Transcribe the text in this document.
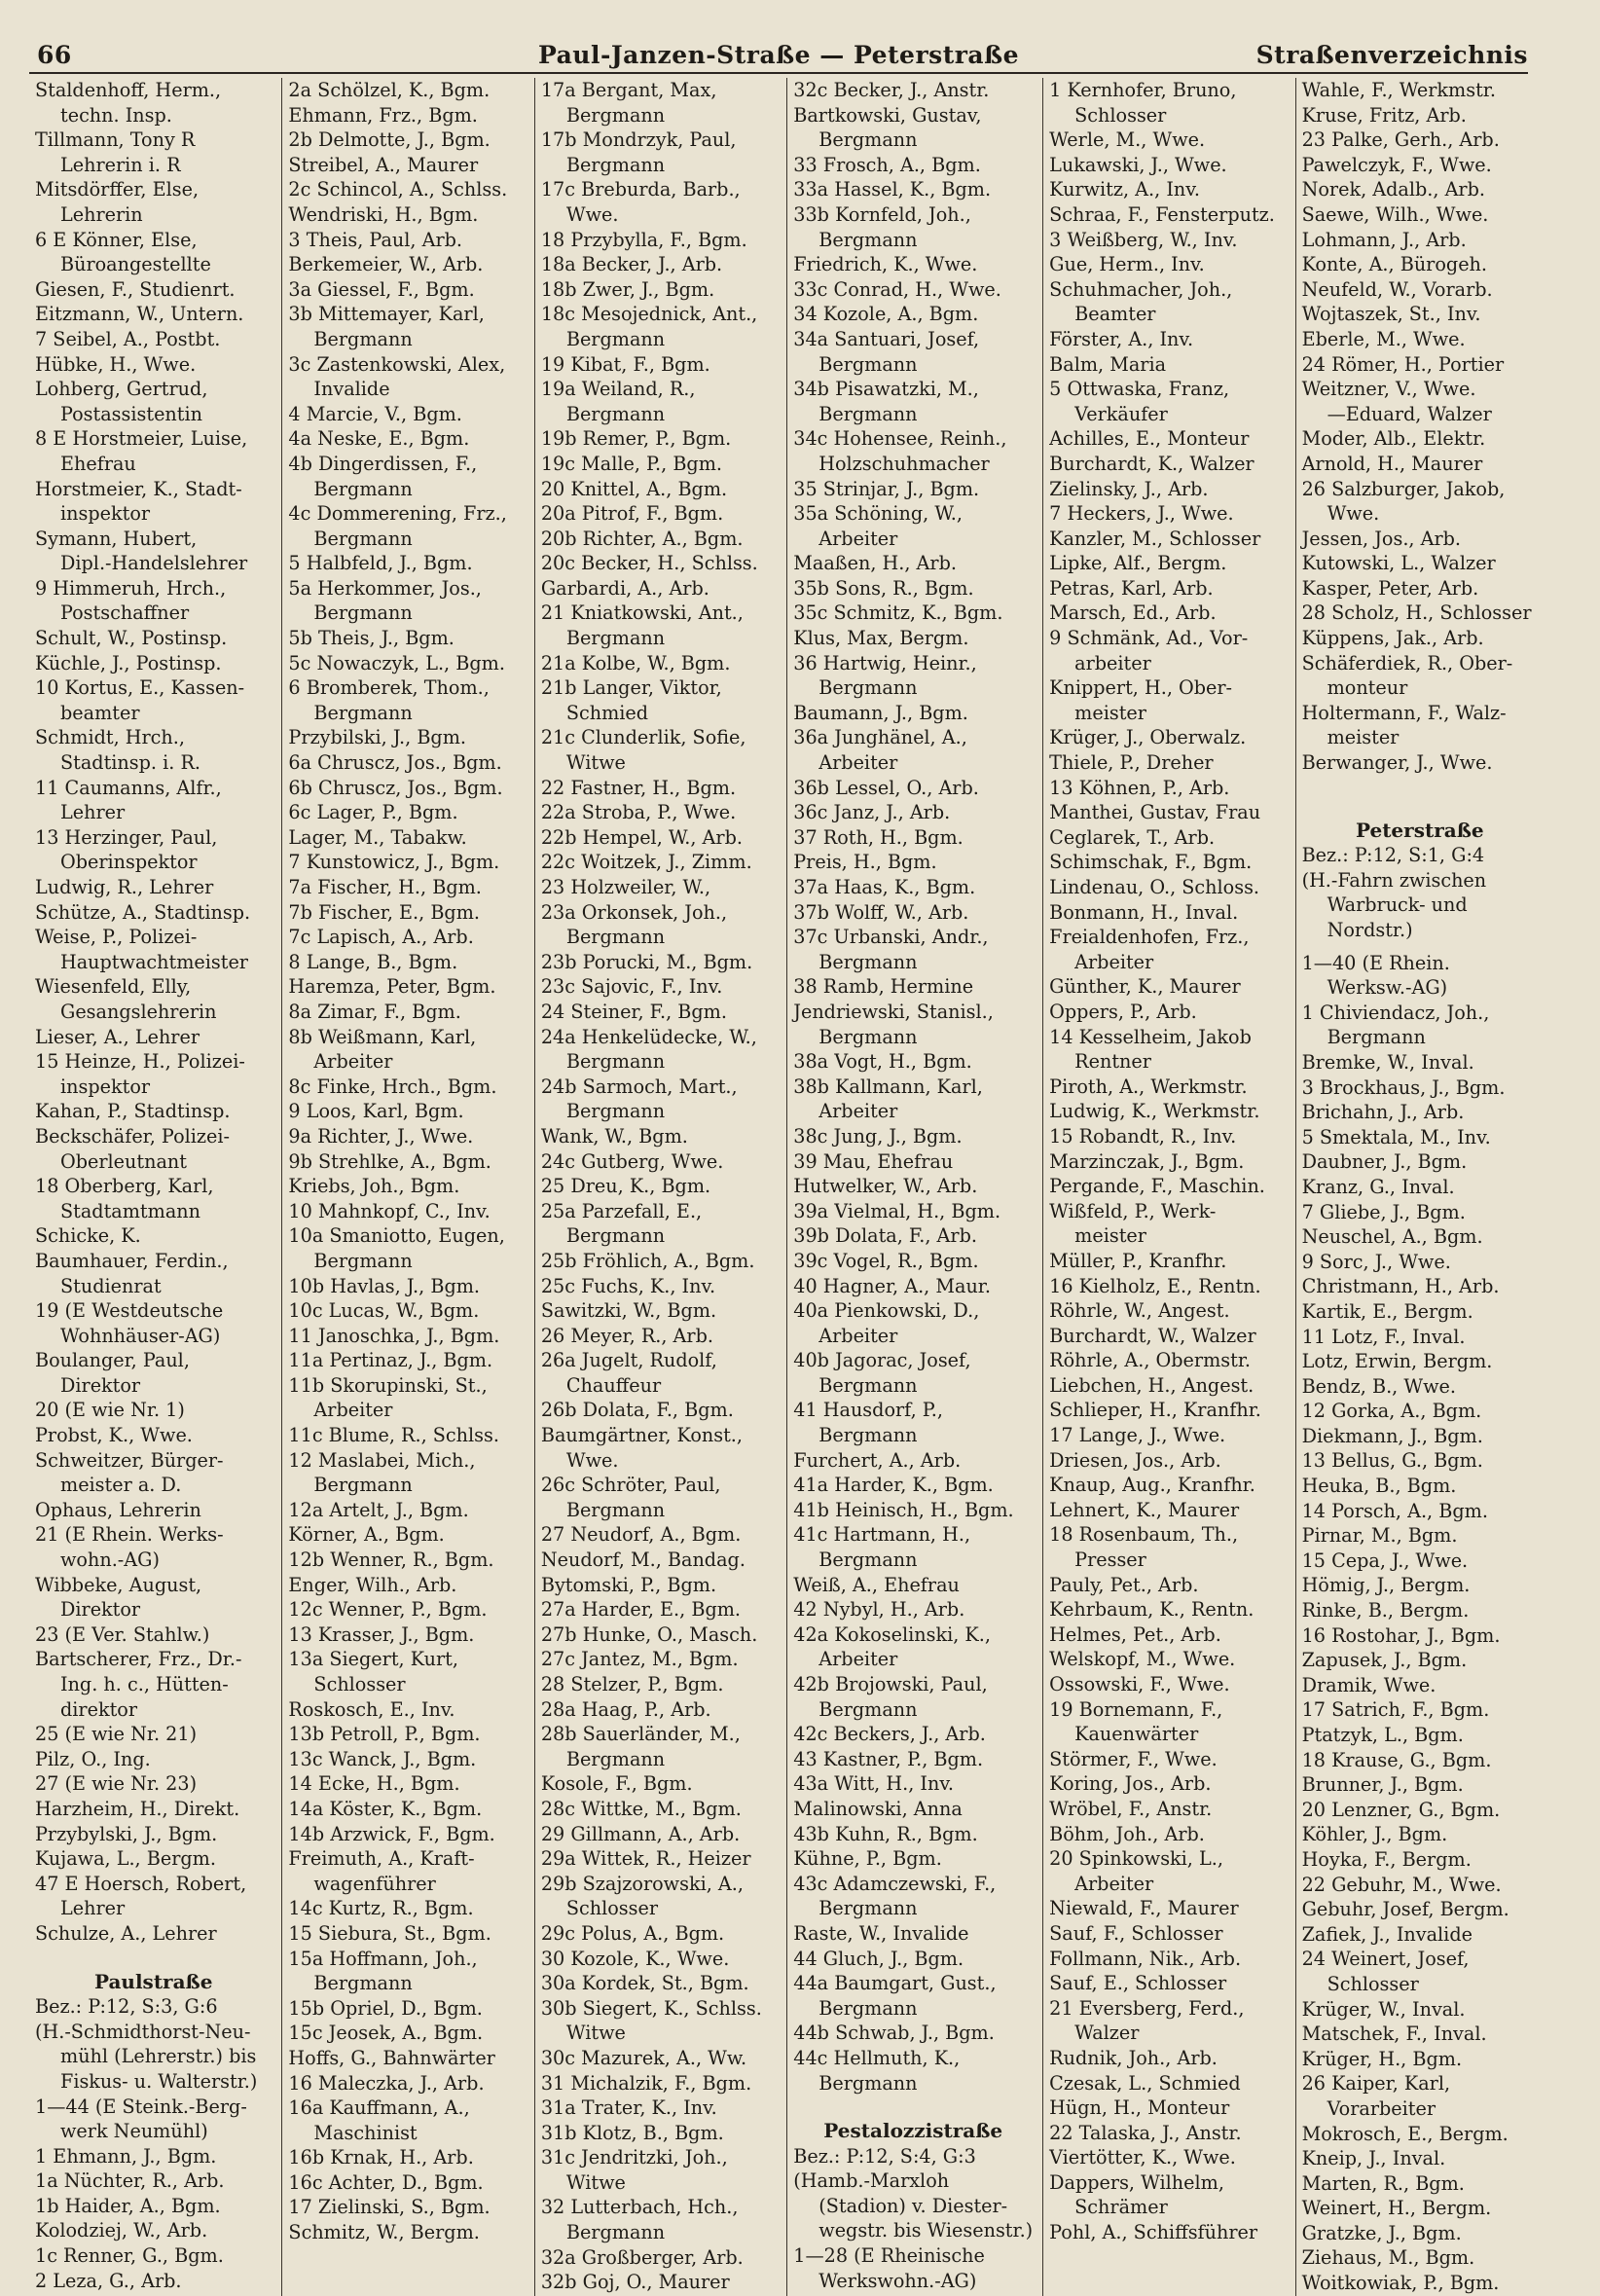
66	Paul-Janzen-Straße — Peterstraße	Straßenverzeichnis
Staldenhoff, Herm.,
techn. Insp.
Tillmann, Tony R
Lehrerin i. R
Mitsdörffer, Else,
Lehrerin
6 E Könner, Else,
Büroangestellte
Giesen, F., Studienrt.
Eitzmann, W., Untern.
7 Seibel, A., Postbt.
Hübke, H., Wwe.
Lohberg, Gertrud,
Postassistentin
8 E Horstmeier, Luise,
Ehefrau
Horstmeier, K., Stadt-
inspektor
Symann, Hubert,
Dipl.-Handelslehrer
9 Himmeruh, Hrch.,
Postschaffner
Schult, W., Postinsp.
Küchle, J., Postinsp.
10 Kortus, E., Kassen-
beamter
Schmidt, Hrch.,
Stadtinsp. i. R.
11 Caumanns, Alfr.,
Lehrer
13 Herzinger, Paul,
Oberinspektor
Ludwig, R., Lehrer
Schütze, A., Stadtinsp.
Weise, P., Polizei-
Hauptwachtmeister
Wiesenfeld, Elly,
Gesangslehrerin
Lieser, A., Lehrer
15 Heinze, H., Polizei-
inspektor
Kahan, P., Stadtinsp.
Beckschäfer, Polizei-
Oberleutnant
18 Oberberg, Karl,
Stadtamtmann
Schicke, K.
Baumhauer, Ferdin.,
Studienrat
19 (E Westdeutsche
Wohnhäuser-AG)
Boulanger, Paul,
Direktor
20 (E wie Nr. 1)
Probst, K., Wwe.
Schweitzer, Bürger-
meister a. D.
Ophaus, Lehrerin
21 (E Rhein. Werks-
wohn.-AG)
Wibbeke, August,
Direktor
23 (E Ver. Stahlw.)
Bartscherer, Frz., Dr.-
Ing. h. c., Hütten-
direktor
25 (E wie Nr. 21)
Pilz, O., Ing.
27 (E wie Nr. 23)
Harzheim, H., Direkt.
Przybylski, J., Bgm.
Kujawa, L., Bergm.
47 E Hoersch, Robert,
Lehrer
Schulze, A., Lehrer
Paulstraße
Bez.: P:12, S:3, G:6
(H.-Schmidthorst-Neu-
mühl (Lehrerstr.) bis
Fiskus- u. Walterstr.)
1—44 (E Steink.-Berg-
werk Neumühl)
1 Ehmann, J., Bgm.
1a Nüchter, R., Arb.
1b Haider, A., Bgm.
Kolodziej, W., Arb.
1c Renner, G., Bgm.
2 Leza, G., Arb.
2a Schölzel, K., Bgm.
Ehmann, Frz., Bgm.
2b Delmotte, J., Bgm.
Streibel, A., Maurer
2c Schincol, A., Schlss.
Wendriski, H., Bgm.
3 Theis, Paul, Arb.
Berkemeier, W., Arb.
3a Giessel, F., Bgm.
3b Mittemayer, Karl,
Bergmann
3c Zastenkowski, Alex,
Invalide
4 Marcie, V., Bgm.
4a Neske, E., Bgm.
4b Dingerdissen, F.,
Bergmann
4c Dommerening, Frz.,
Bergmann
5 Halbfeld, J., Bgm.
5a Herkommer, Jos.,
Bergmann
5b Theis, J., Bgm.
5c Nowaczyk, L., Bgm.
6 Bromberek, Thom.,
Bergmann
Przybilski, J., Bgm.
6a Chruscz, Jos., Bgm.
6b Chruscz, Jos., Bgm.
6c Lager, P., Bgm.
Lager, M., Tabakw.
7 Kunstowicz, J., Bgm.
7a Fischer, H., Bgm.
7b Fischer, E., Bgm.
7c Lapisch, A., Arb.
8 Lange, B., Bgm.
Haremza, Peter, Bgm.
8a Zimar, F., Bgm.
8b Weißmann, Karl,
Arbeiter
8c Finke, Hrch., Bgm.
9 Loos, Karl, Bgm.
9a Richter, J., Wwe.
9b Strehlke, A., Bgm.
Kriebs, Joh., Bgm.
10 Mahnkopf, C., Inv.
10a Smaniotto, Eugen,
Bergmann
10b Havlas, J., Bgm.
10c Lucas, W., Bgm.
11 Janoschka, J., Bgm.
11a Pertinaz, J., Bgm.
11b Skorupinski, St.,
Arbeiter
11c Blume, R., Schlss.
12 Maslabei, Mich.,
Bergmann
12a Artelt, J., Bgm.
Körner, A., Bgm.
12b Wenner, R., Bgm.
Enger, Wilh., Arb.
12c Wenner, P., Bgm.
13 Krasser, J., Bgm.
13a Siegert, Kurt,
Schlosser
Roskosch, E., Inv.
13b Petroll, P., Bgm.
13c Wanck, J., Bgm.
14 Ecke, H., Bgm.
14a Köster, K., Bgm.
14b Arzwick, F., Bgm.
Freimuth, A., Kraft-
wagenführer
14c Kurtz, R., Bgm.
15 Siebura, St., Bgm.
15a Hoffmann, Joh.,
Bergmann
15b Opriel, D., Bgm.
15c Jeosek, A., Bgm.
Hoffs, G., Bahnwärter
16 Maleczka, J., Arb.
16a Kauffmann, A.,
Maschinist
16b Krnak, H., Arb.
16c Achter, D., Bgm.
17 Zielinski, S., Bgm.
Schmitz, W., Bergm.
17a Bergant, Max,
Bergmann
17b Mondrzyk, Paul,
Bergmann
17c Breburda, Barb.,
Wwe.
18 Przybylla, F., Bgm.
18a Becker, J., Arb.
18b Zwer, J., Bgm.
18c Mesojednick, Ant.,
Bergmann
19 Kibat, F., Bgm.
19a Weiland, R.,
Bergmann
19b Remer, P., Bgm.
19c Malle, P., Bgm.
20 Knittel, A., Bgm.
20a Pitrof, F., Bgm.
20b Richter, A., Bgm.
20c Becker, H., Schlss.
Garbardi, A., Arb.
21 Kniatkowski, Ant.,
Bergmann
21a Kolbe, W., Bgm.
21b Langer, Viktor,
Schmied
21c Clunderlik, Sofie,
Witwe
22 Fastner, H., Bgm.
22a Stroba, P., Wwe.
22b Hempel, W., Arb.
22c Woitzek, J., Zimm.
23 Holzweiler, W.,
23a Orkonsek, Joh.,
Bergmann
23b Porucki, M., Bgm.
23c Sajovic, F., Inv.
24 Steiner, F., Bgm.
24a Henkelüdecke, W.,
Bergmann
24b Sarmoch, Mart.,
Bergmann
Wank, W., Bgm.
24c Gutberg, Wwe.
25 Dreu, K., Bgm.
25a Parzefall, E.,
Bergmann
25b Fröhlich, A., Bgm.
25c Fuchs, K., Inv.
Sawitzki, W., Bgm.
26 Meyer, R., Arb.
26a Jugelt, Rudolf,
Chauffeur
26b Dolata, F., Bgm.
Baumgärtner, Konst.,
Wwe.
26c Schröter, Paul,
Bergmann
27 Neudorf, A., Bgm.
Neudorf, M., Bandag.
Bytomski, P., Bgm.
27a Harder, E., Bgm.
27b Hunke, O., Masch.
27c Jantez, M., Bgm.
28 Stelzer, P., Bgm.
28a Haag, P., Arb.
28b Sauerländer, M.,
Bergmann
Kosole, F., Bgm.
28c Wittke, M., Bgm.
29 Gillmann, A., Arb.
29a Wittek, R., Heizer
29b Szajzorowski, A.,
Schlosser
29c Polus, A., Bgm.
30 Kozole, K., Wwe.
30a Kordek, St., Bgm.
30b Siegert, K., Schlss.
Witwe
30c Mazurek, A., Ww.
31 Michalzik, F., Bgm.
31a Trater, K., Inv.
31b Klotz, B., Bgm.
31c Jendritzki, Joh.,
Witwe
32 Lutterbach, Hch.,
Bergmann
32a Großberger, Arb.
32b Goj, O., Maurer
32c Becker, J., Anstr.
Bartkowski, Gustav,
Bergmann
33 Frosch, A., Bgm.
33a Hassel, K., Bgm.
33b Kornfeld, Joh.,
Bergmann
Friedrich, K., Wwe.
33c Conrad, H., Wwe.
34 Kozole, A., Bgm.
34a Santuari, Josef,
Bergmann
34b Pisawatzki, M.,
Bergmann
34c Hohensee, Reinh.,
Holzschuhmacher
35 Strinjar, J., Bgm.
35a Schöning, W.,
Arbeiter
Maaßen, H., Arb.
35b Sons, R., Bgm.
35c Schmitz, K., Bgm.
Klus, Max, Bergm.
36 Hartwig, Heinr.,
Bergmann
Baumann, J., Bgm.
36a Junghänel, A.,
Arbeiter
36b Lessel, O., Arb.
36c Janz, J., Arb.
37 Roth, H., Bgm.
Preis, H., Bgm.
37a Haas, K., Bgm.
37b Wolff, W., Arb.
37c Urbanski, Andr.,
Bergmann
38 Ramb, Hermine
Jendriewski, Stanisl.,
Bergmann
38a Vogt, H., Bgm.
38b Kallmann, Karl,
Arbeiter
38c Jung, J., Bgm.
39 Mau, Ehefrau
Hutwelker, W., Arb.
39a Vielmal, H., Bgm.
39b Dolata, F., Arb.
39c Vogel, R., Bgm.
40 Hagner, A., Maur.
40a Pienkowski, D.,
Arbeiter
40b Jagorac, Josef,
Bergmann
41 Hausdorf, P.,
Bergmann
Furchert, A., Arb.
41a Harder, K., Bgm.
41b Heinisch, H., Bgm.
41c Hartmann, H.,
Bergmann
Weiß, A., Ehefrau
42 Nybyl, H., Arb.
42a Kokoselinski, K.,
Arbeiter
42b Brojowski, Paul,
Bergmann
42c Beckers, J., Arb.
43 Kastner, P., Bgm.
43a Witt, H., Inv.
Malinowski, Anna
43b Kuhn, R., Bgm.
Kühne, P., Bgm.
43c Adamczewski, F.,
Bergmann
Raste, W., Invalide
44 Gluch, J., Bgm.
44a Baumgart, Gust.,
Bergmann
44b Schwab, J., Bgm.
44c Hellmuth, K.,
Bergmann
Pestalozzistraße
Bez.: P:12, S:4, G:3
(Hamb.-Marxloh
(Stadion) v. Diester-
wegstr. bis Wiesenstr.)
1—28 (E Rheinische
Werkswohn.-AG)
1 Kernhofer, Bruno,
Schlosser
Werle, M., Wwe.
Lukawski, J., Wwe.
Kurwitz, A., Inv.
Schraa, F., Fensterputz.
3 Weißberg, W., Inv.
Gue, Herm., Inv.
Schuhmacher, Joh.,
Beamter
Förster, A., Inv.
Balm, Maria
5 Ottwaska, Franz,
Verkäufer
Achilles, E., Monteur
Burchardt, K., Walzer
Zielinsky, J., Arb.
7 Heckers, J., Wwe.
Kanzler, M., Schlosser
Lipke, Alf., Bergm.
Petras, Karl, Arb.
Marsch, Ed., Arb.
9 Schmänk, Ad., Vor-
arbeiter
Knippert, H., Ober-
meister
Krüger, J., Oberwalz.
Thiele, P., Dreher
13 Köhnen, P., Arb.
Manthei, Gustav, Frau
Ceglarek, T., Arb.
Schimschak, F., Bgm.
Lindenau, O., Schloss.
Bonmann, H., Inval.
Freialdenhofen, Frz.,
Arbeiter
Günther, K., Maurer
Oppers, P., Arb.
14 Kesselheim, Jakob
Rentner
Piroth, A., Werkmstr.
Ludwig, K., Werkmstr.
15 Robandt, R., Inv.
Marzinczak, J., Bgm.
Pergande, F., Maschin.
Wißfeld, P., Werk-
meister
Müller, P., Kranfhr.
16 Kielholz, E., Rentn.
Röhrle, W., Angest.
Burchardt, W., Walzer
Röhrle, A., Obermstr.
Liebchen, H., Angest.
Schlieper, H., Kranfhr.
17 Lange, J., Wwe.
Driesen, Jos., Arb.
Knaup, Aug., Kranfhr.
Lehnert, K., Maurer
18 Rosenbaum, Th.,
Presser
Pauly, Pet., Arb.
Kehrbaum, K., Rentn.
Helmes, Pet., Arb.
Welskopf, M., Wwe.
Ossowski, F., Wwe.
19 Bornemann, F.,
Kauenwärter
Störmer, F., Wwe.
Koring, Jos., Arb.
Wröbel, F., Anstr.
Böhm, Joh., Arb.
20 Spinkowski, L.,
Arbeiter
Niewald, F., Maurer
Sauf, F., Schlosser
Follmann, Nik., Arb.
Sauf, E., Schlosser
21 Eversberg, Ferd.,
Walzer
Rudnik, Joh., Arb.
Czesak, L., Schmied
Hügn, H., Monteur
22 Talaska, J., Anstr.
Viertötter, K., Wwe.
Dappers, Wilhelm,
Schrämer
Pohl, A., Schiffsführer
Wahle, F., Werkmstr.
Kruse, Fritz, Arb.
23 Palke, Gerh., Arb.
Pawelczyk, F., Wwe.
Norek, Adalb., Arb.
Saewe, Wilh., Wwe.
Lohmann, J., Arb.
Konte, A., Bürogeh.
Neufeld, W., Vorarb.
Wojtaszek, St., Inv.
Eberle, M., Wwe.
24 Römer, H., Portier
Weitzner, V., Wwe.
—Eduard, Walzer
Moder, Alb., Elektr.
Arnold, H., Maurer
26 Salzburger, Jakob,
Wwe.
Jessen, Jos., Arb.
Kutowski, L., Walzer
Kasper, Peter, Arb.
28 Scholz, H., Schlosser
Küppens, Jak., Arb.
Schäferdiek, R., Ober-
monteur
Holtermann, F., Walz-
meister
Berwanger, J., Wwe.
Peterstraße
Bez.: P:12, S:1, G:4
(H.-Fahrn zwischen
Warbruck- und
Nordstr.)
1—40 (E Rhein.
Werksw.-AG)
1 Chiviendacz, Joh.,
Bergmann
Bremke, W., Inval.
3 Brockhaus, J., Bgm.
Brichahn, J., Arb.
5 Smektala, M., Inv.
Daubner, J., Bgm.
Kranz, G., Inval.
7 Gliebe, J., Bgm.
Neuschel, A., Bgm.
9 Sorc, J., Wwe.
Christmann, H., Arb.
Kartik, E., Bergm.
11 Lotz, F., Inval.
Lotz, Erwin, Bergm.
Bendz, B., Wwe.
12 Gorka, A., Bgm.
Diekmann, J., Bgm.
13 Bellus, G., Bgm.
Heuka, B., Bgm.
14 Porsch, A., Bgm.
Pirnar, M., Bgm.
15 Cepa, J., Wwe.
Hömig, J., Bergm.
Rinke, B., Bergm.
16 Rostohar, J., Bgm.
Zapusek, J., Bgm.
Dramik, Wwe.
17 Satrich, F., Bgm.
Ptatzyk, L., Bgm.
18 Krause, G., Bgm.
Brunner, J., Bgm.
20 Lenzner, G., Bgm.
Köhler, J., Bgm.
Hoyka, F., Bergm.
22 Gebuhr, M., Wwe.
Gebuhr, Josef, Bergm.
Zafiek, J., Invalide
24 Weinert, Josef,
Schlosser
Krüger, W., Inval.
Matschek, F., Inval.
Krüger, H., Bgm.
26 Kaiper, Karl,
Vorarbeiter
Mokrosch, E., Bergm.
Kneip, J., Inval.
Marten, R., Bgm.
Weinert, H., Bergm.
Gratzke, J., Bgm.
Ziehaus, M., Bgm.
Woitkowiak, P., Bgm.
